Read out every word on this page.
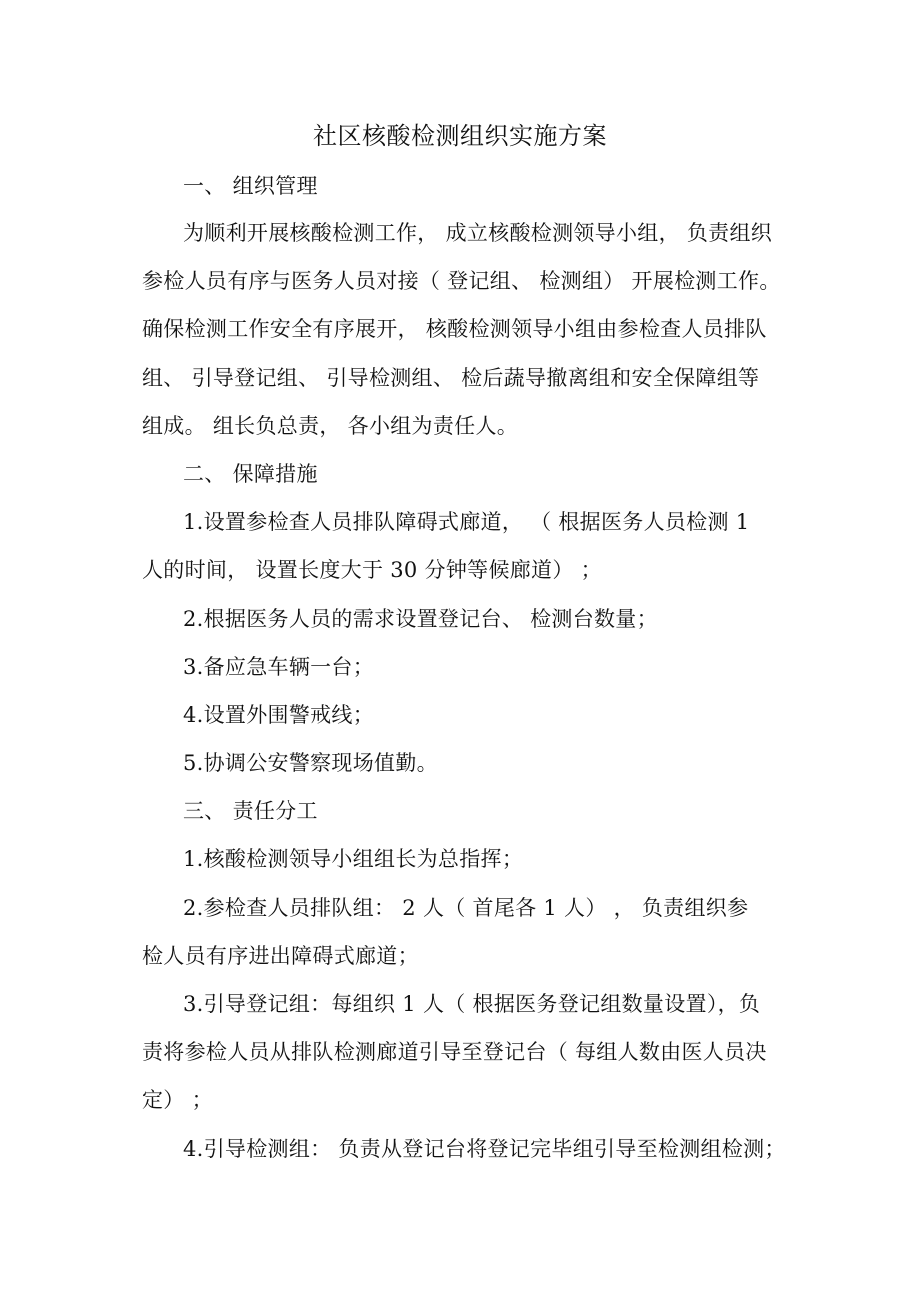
社区核酸检测组织实施方案
一、 组织管理
为顺利开展核酸检测工作， 成立核酸检测领导小组， 负责组织
参检人员有序与医务人员对接（ 登记组、 检测组） 开展检测工作。
确保检测工作安全有序展开， 核酸检测领导小组由参检查人员排队
组、 引导登记组、 引导检测组、 检后蔬导撤离组和安全保障组等
组成。 组长负总责， 各小组为责任人。
二、 保障措施
1.设置参检查人员排队障碍式廊道， （ 根据医务人员检测 1
人的时间， 设置长度大于 30 分钟等候廊道） ；
2.根据医务人员的需求设置登记台、 检测台数量；
3.备应急车辆一台；
4.设置外围警戒线；
5.协调公安警察现场值勤。
三、 责任分工
1.核酸检测领导小组组长为总指挥；
2.参检查人员排队组： 2 人（ 首尾各 1 人） ， 负责组织参
检人员有序进出障碍式廊道；
3.引导登记组：每组织 1 人（ 根据医务登记组数量设置），负
责将参检人员从排队检测廊道引导至登记台（ 每组人数由医人员决
定） ；
4.引导检测组： 负责从登记台将登记完毕组引导至检测组检测；
